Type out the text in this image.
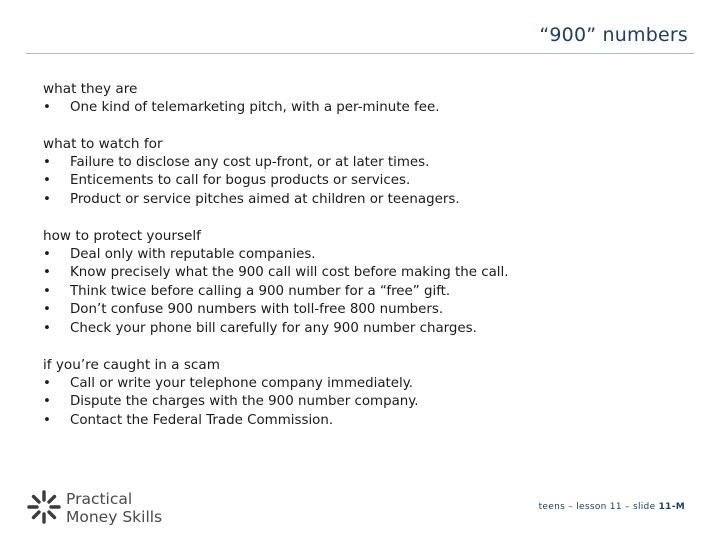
“900” numbers
what they are
• One kind of telemarketing pitch, with a per-minute fee.
what to watch for
• Failure to disclose any cost up-front, or at later times.
• Enticements to call for bogus products or services.
• Product or service pitches aimed at children or teenagers.
how to protect yourself
• Deal only with reputable companies.
• Know precisely what the 900 call will cost before making the call.
• Think twice before calling a 900 number for a “free” gift.
• Don’t confuse 900 numbers with toll-free 800 numbers.
• Check your phone bill carefully for any 900 number charges.
if you’re caught in a scam
• Call or write your telephone company immediately.
• Dispute the charges with the 900 number company.
• Contact the Federal Trade Commission.
Practical
Money Skills
teens – lesson 11 – slide 11-M
